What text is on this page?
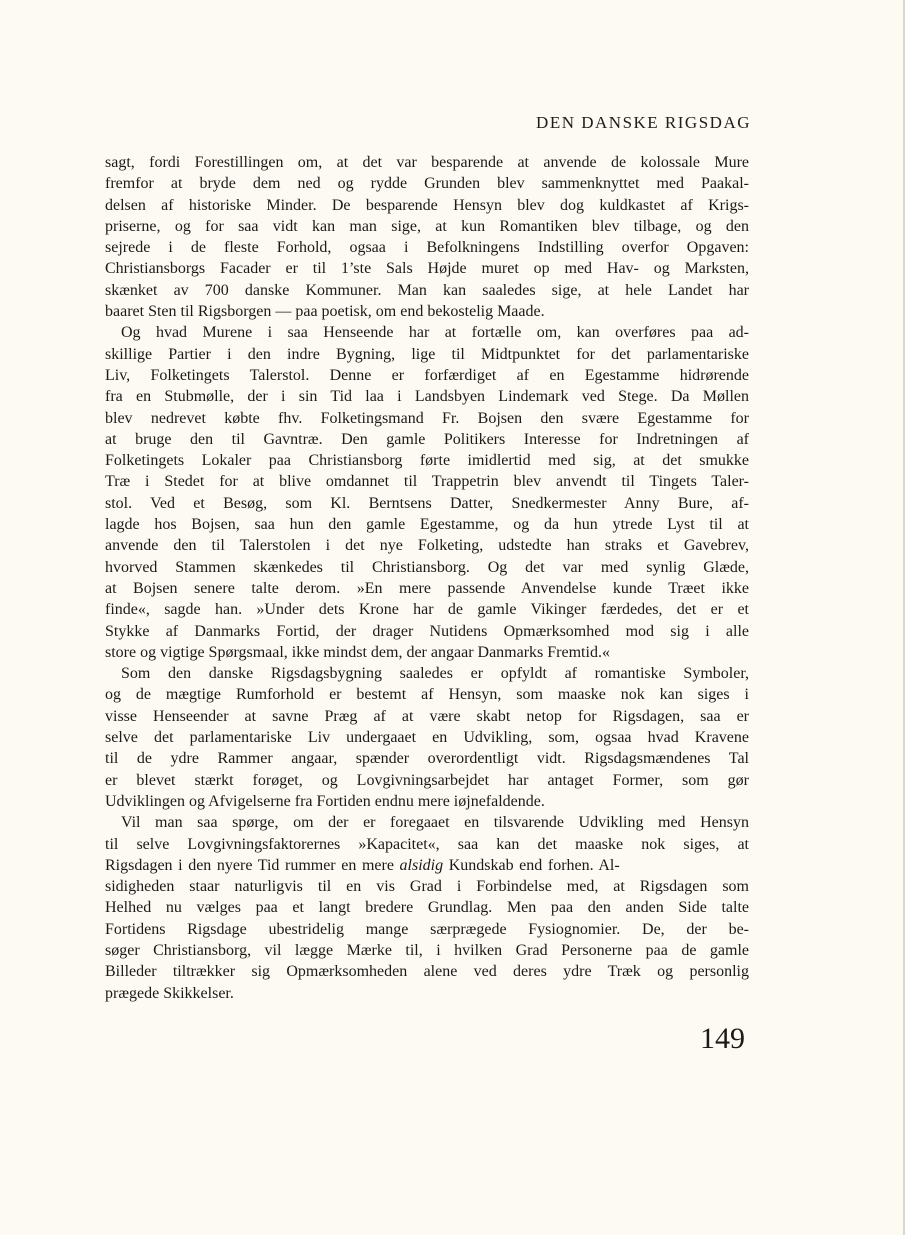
DEN DANSKE RIGSDAG
sagt, fordi Forestillingen om, at det var besparende at anvende de kolossale Mure
fremfor at bryde dem ned og rydde Grunden blev sammenknyttet med Paakal-
delsen af historiske Minder. De besparende Hensyn blev dog kuldkastet af Krigs-
priserne, og for saa vidt kan man sige, at kun Romantiken blev tilbage, og den
sejrede i de fleste Forhold, ogsaa i Befolkningens Indstilling overfor Opgaven:
Christiansborgs Facader er til 1’ste Sals Højde muret op med Hav- og Marksten,
skænket av 700 danske Kommuner. Man kan saaledes sige, at hele Landet har
baaret Sten til Rigsborgen — paa poetisk, om end bekostelig Maade.
Og hvad Murene i saa Henseende har at fortælle om, kan overføres paa ad-
skillige Partier i den indre Bygning, lige til Midtpunktet for det parlamentariske
Liv, Folketingets Talerstol. Denne er forfærdiget af en Egestamme hidrørende
fra en Stubmølle, der i sin Tid laa i Landsbyen Lindemark ved Stege. Da Møllen
blev nedrevet købte fhv. Folketingsmand Fr. Bojsen den svære Egestamme for
at bruge den til Gavntræ. Den gamle Politikers Interesse for Indretningen af
Folketingets Lokaler paa Christiansborg førte imidlertid med sig, at det smukke
Træ i Stedet for at blive omdannet til Trappetrin blev anvendt til Tingets Taler-
stol. Ved et Besøg, som Kl. Berntsens Datter, Snedkermester Anny Bure, af-
lagde hos Bojsen, saa hun den gamle Egestamme, og da hun ytrede Lyst til at
anvende den til Talerstolen i det nye Folketing, udstedte han straks et Gavebrev,
hvorved Stammen skænkedes til Christiansborg. Og det var med synlig Glæde,
at Bojsen senere talte derom. »En mere passende Anvendelse kunde Træet ikke
finde«, sagde han. »Under dets Krone har de gamle Vikinger færdedes, det er et
Stykke af Danmarks Fortid, der drager Nutidens Opmærksomhed mod sig i alle
store og vigtige Spørgsmaal, ikke mindst dem, der angaar Danmarks Fremtid.«
Som den danske Rigsdagsbygning saaledes er opfyldt af romantiske Symboler,
og de mægtige Rumforhold er bestemt af Hensyn, som maaske nok kan siges i
visse Henseender at savne Præg af at være skabt netop for Rigsdagen, saa er
selve det parlamentariske Liv undergaaet en Udvikling, som, ogsaa hvad Kravene
til de ydre Rammer angaar, spænder overordentligt vidt. Rigsdagsmændenes Tal
er blevet stærkt forøget, og Lovgivningsarbejdet har antaget Former, som gør
Udviklingen og Afvigelserne fra Fortiden endnu mere iøjnefaldende.
Vil man saa spørge, om der er foregaaet en tilsvarende Udvikling med Hensyn
til selve Lovgivningsfaktorernes »Kapacitet«, saa kan det maaske nok siges, at
Rigsdagen i den nyere Tid rummer en mere alsidig Kundskab end forhen. Al-
sidigheden staar naturligvis til en vis Grad i Forbindelse med, at Rigsdagen som
Helhed nu vælges paa et langt bredere Grundlag. Men paa den anden Side talte
Fortidens Rigsdage ubestridelig mange særprægede Fysiognomier. De, der be-
søger Christiansborg, vil lægge Mærke til, i hvilken Grad Personerne paa de gamle
Billeder tiltrækker sig Opmærksomheden alene ved deres ydre Træk og personlig
prægede Skikkelser.
149
